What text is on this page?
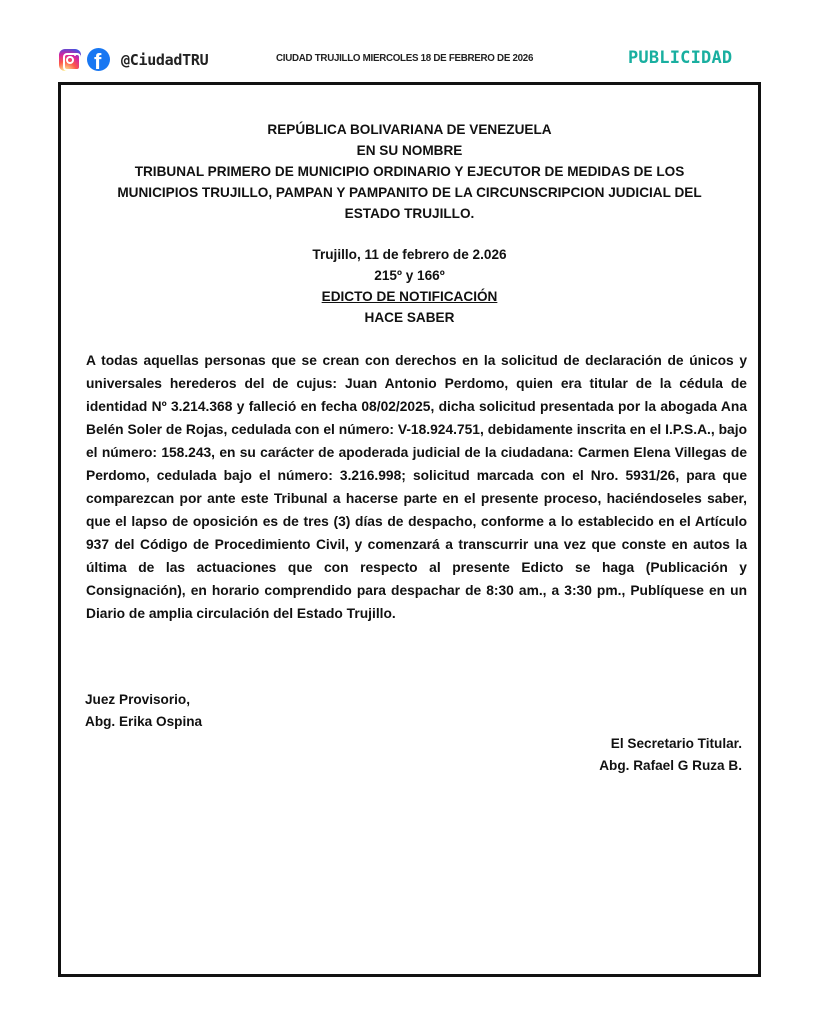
f @CiudadTRU	CIUDAD TRUJILLO MIERCOLES 18 DE FEBRERO DE 2026	PUBLICIDAD
REPÚBLICA BOLIVARIANA DE VENEZUELA
EN SU NOMBRE
TRIBUNAL PRIMERO DE MUNICIPIO ORDINARIO Y EJECUTOR DE MEDIDAS DE LOS
MUNICIPIOS TRUJILLO, PAMPAN Y PAMPANITO DE LA CIRCUNSCRIPCION JUDICIAL DEL
ESTADO TRUJILLO.
Trujillo, 11 de febrero de 2.026
215º y 166º
EDICTO DE NOTIFICACIÓN
HACE SABER

A todas aquellas personas que se crean con derechos en la solicitud de declaración de únicos y universales herederos del de cujus: Juan Antonio Perdomo, quien era titular de la cédula de identidad Nº 3.214.368 y falleció en fecha 08/02/2025, dicha solicitud presentada por la abogada Ana Belén Soler de Rojas, cedulada con el número: V-18.924.751, debidamente inscrita en el I.P.S.A., bajo el número: 158.243, en su carácter de apoderada judicial de la ciudadana: Carmen Elena Villegas de Perdomo, cedulada bajo el número: 3.216.998; solicitud marcada con el Nro. 5931/26, para que comparezcan por ante este Tribunal a hacerse parte en el presente proceso, haciéndoseles saber, que el lapso de oposición es de tres (3) días de despacho, conforme a lo establecido en el Artículo 937 del Código de Procedimiento Civil, y comenzará a transcurrir una vez que conste en autos la última de las actuaciones que con respecto al presente Edicto se haga (Publicación y Consignación), en horario comprendido para despachar de 8:30 am., a 3:30 pm., Publíquese en un Diario de amplia circulación del Estado Trujillo.

Juez Provisorio,
Abg. Erika Ospina
El Secretario Titular.
Abg. Rafael G Ruza B.
